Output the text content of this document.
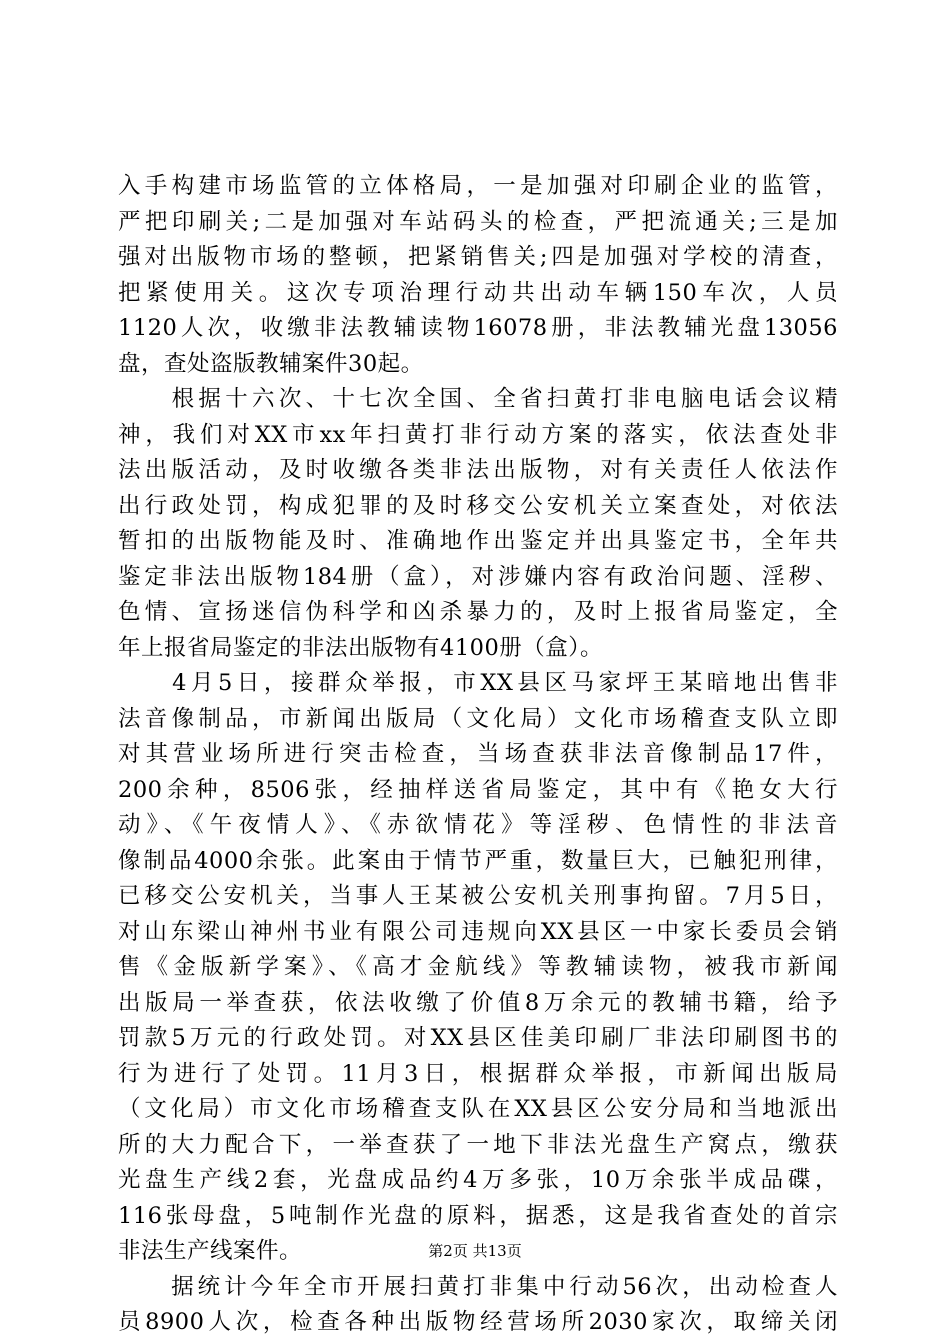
入手构建市场监管的立体格局，一是加强对印刷企业的监管，
严把印刷关;二是加强对车站码头的检查，严把流通关;三是加
强对出版物市场的整顿，把紧销售关;四是加强对学校的清查，
把紧使用关。这次专项治理行动共出动车辆150车次，人员
1120人次，收缴非法教辅读物16078册，非法教辅光盘13056
盘，查处盗版教辅案件30起。
　　根据十六次、十七次全国、全省扫黄打非电脑电话会议精
神，我们对XX市xx年扫黄打非行动方案的落实，依法查处非
法出版活动，及时收缴各类非法出版物，对有关责任人依法作
出行政处罚，构成犯罪的及时移交公安机关立案查处，对依法
暂扣的出版物能及时、准确地作出鉴定并出具鉴定书，全年共
鉴定非法出版物184册（盒），对涉嫌内容有政治问题、淫秽、
色情、宣扬迷信伪科学和凶杀暴力的，及时上报省局鉴定，全
年上报省局鉴定的非法出版物有4100册（盒）。
　　4月5日，接群众举报，市XX县区马家坪王某暗地出售非
法音像制品，市新闻出版局（文化局）文化市场稽查支队立即
对其营业场所进行突击检查，当场查获非法音像制品17件，
200余种，8506张，经抽样送省局鉴定，其中有《艳女大行
动》、《午夜情人》、《赤欲情花》等淫秽、色情性的非法音
像制品4000余张。此案由于情节严重，数量巨大，已触犯刑律，
已移交公安机关，当事人王某被公安机关刑事拘留。7月5日，
对山东梁山神州书业有限公司违规向XX县区一中家长委员会销
售《金版新学案》、《高才金航线》等教辅读物，被我市新闻
出版局一举查获，依法收缴了价值8万余元的教辅书籍，给予
罚款5万元的行政处罚。对XX县区佳美印刷厂非法印刷图书的
行为进行了处罚。11月3日，根据群众举报，市新闻出版局
（文化局）市文化市场稽查支队在XX县区公安分局和当地派出
所的大力配合下，一举查获了一地下非法光盘生产窝点，缴获
光盘生产线2套，光盘成品约4万多张，10万余张半成品碟，
116张母盘，5吨制作光盘的原料，据悉，这是我省查处的首宗
非法生产线案件。
　　据统计今年全市开展扫黄打非集中行动56次，出动检查人
员8900人次，检查各种出版物经营场所2030家次，取缔关闭
第2页 共13页
